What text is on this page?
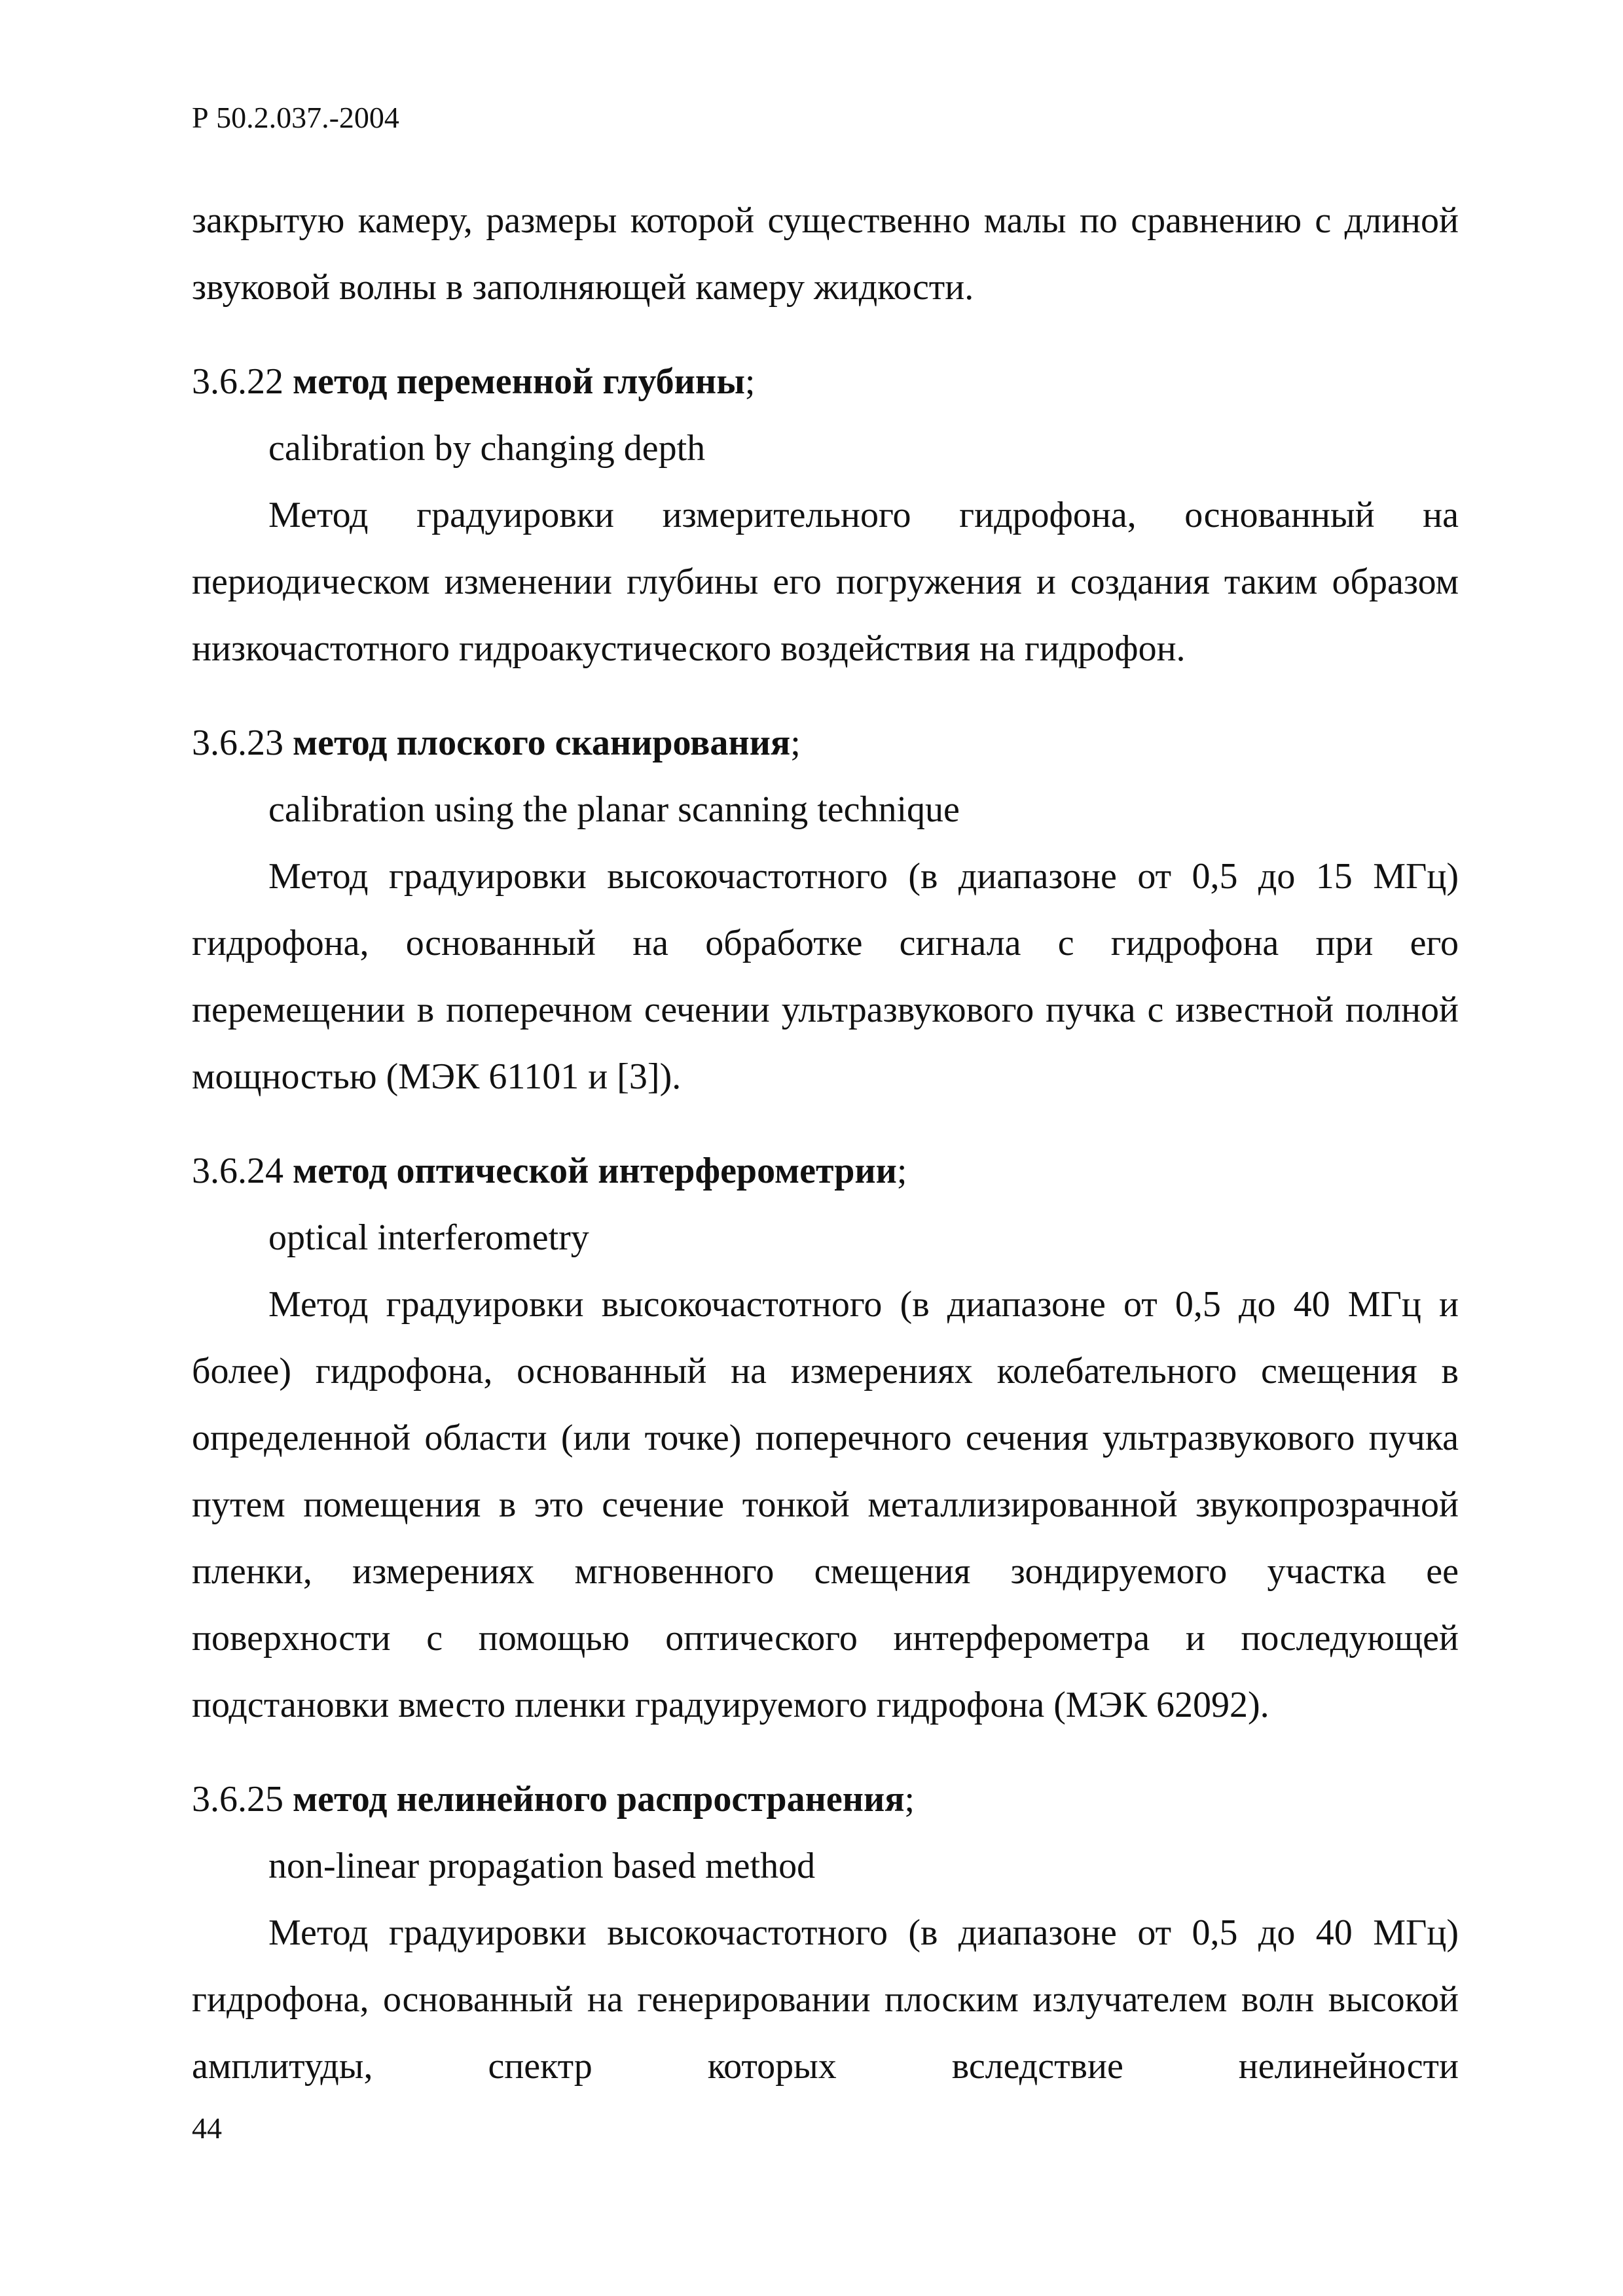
Р 50.2.037.-2004

закрытую камеру, размеры которой существенно малы по сравнению с длиной звуковой волны в заполняющей камеру жидкости.

3.6.22 метод переменной глубины;

calibration by changing depth

Метод градуировки измерительного гидрофона, основанный на периодическом изменении глубины его погружения и создания таким образом низкочастотного гидроакустического воздействия на гидрофон.

3.6.23 метод плоского сканирования;

calibration using the planar scanning technique

Метод градуировки высокочастотного (в диапазоне от 0,5 до 15 МГц) гидрофона, основанный на обработке сигнала с гидрофона при его перемещении в поперечном сечении ультразвукового пучка с известной полной мощностью (МЭК 61101 и [3]).

3.6.24 метод оптической интерферометрии;

optical interferometry

Метод градуировки высокочастотного (в диапазоне от 0,5 до 40 МГц и более) гидрофона, основанный на измерениях колебательного смещения в определенной области (или точке) поперечного сечения ультразвукового пучка путем помещения в это сечение тонкой металлизированной звукопрозрачной пленки, измерениях мгновенного смещения зондируемого участка ее поверхности с помощью оптического интерферометра и последующей подстановки вместо пленки градуируемого гидрофона (МЭК 62092).

3.6.25 метод нелинейного распространения;

non-linear propagation based method

Метод градуировки высокочастотного (в диапазоне от 0,5 до 40 МГц) гидрофона, основанный на генерировании плоским излучателем волн высокой амплитуды, спектр которых вследствие нелинейности

44
